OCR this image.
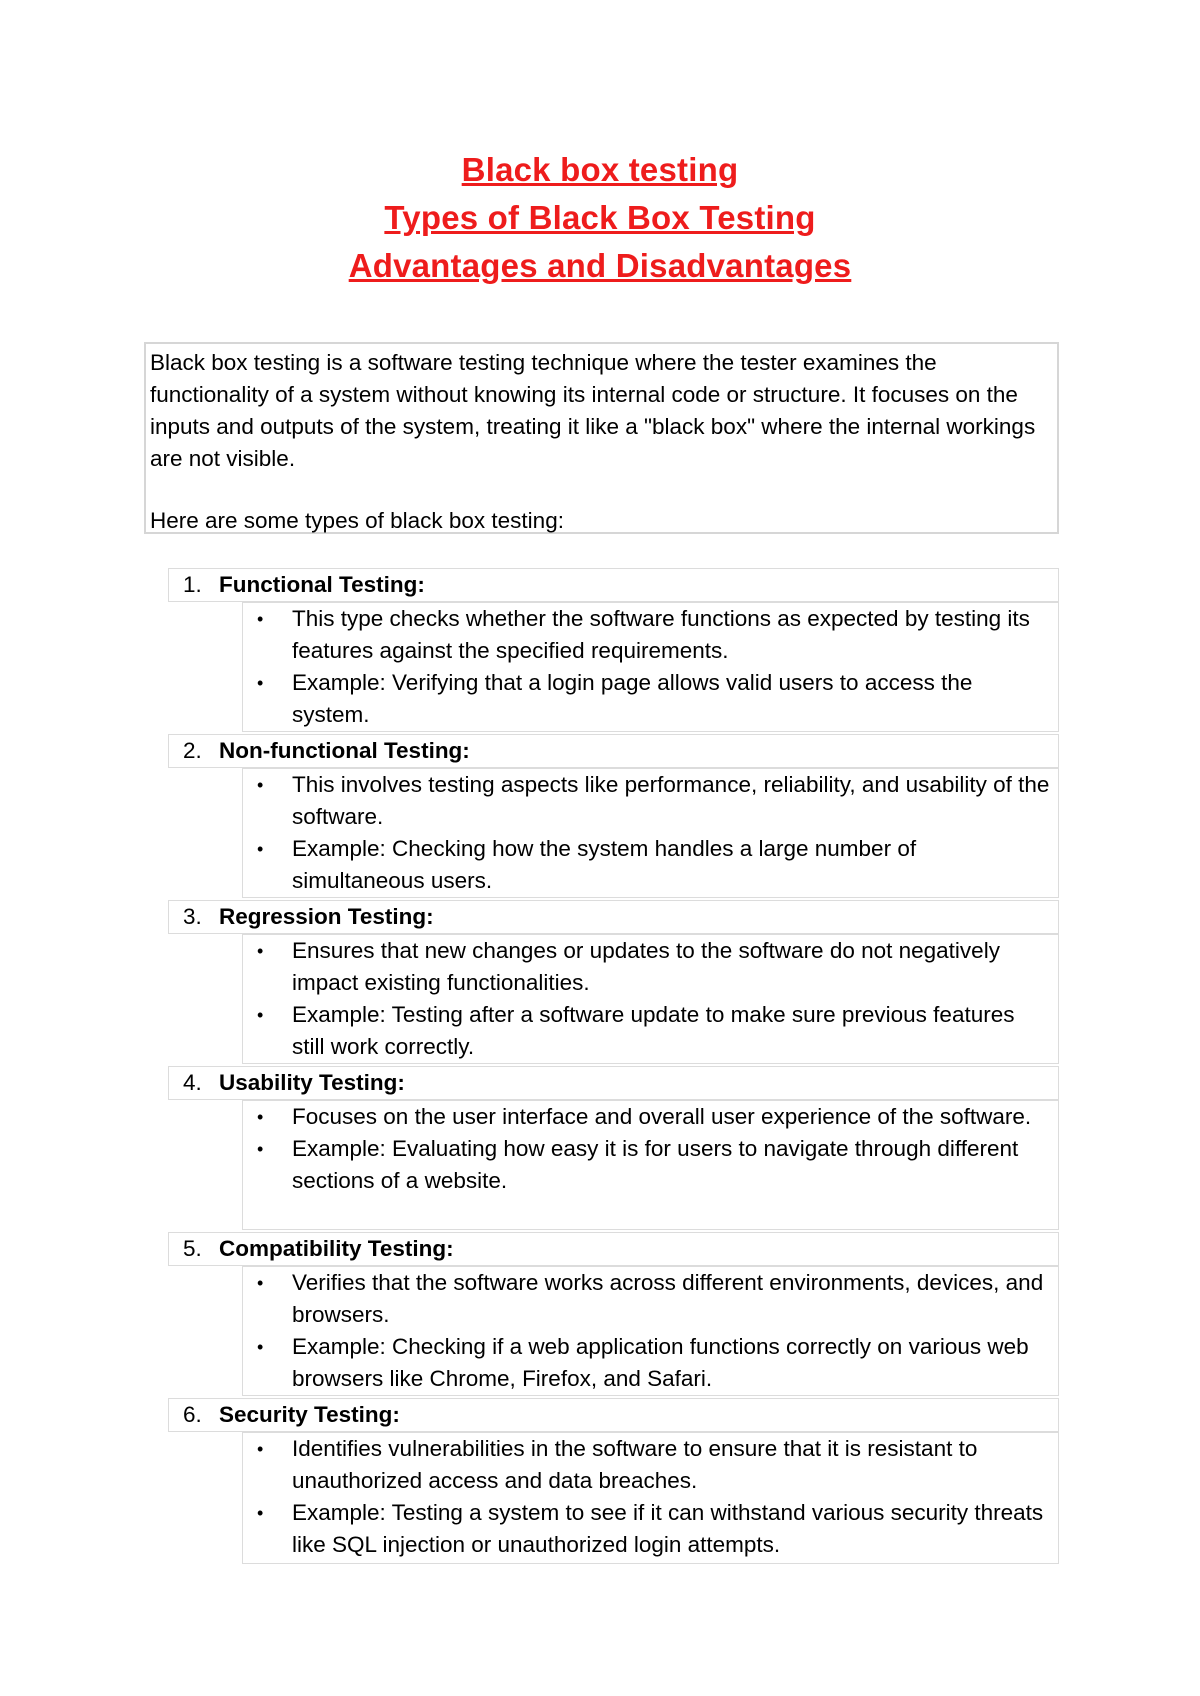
Black box testing
Types of Black Box Testing
Advantages and Disadvantages

Black box testing is a software testing technique where the tester examines the functionality of a system without knowing its internal code or structure. It focuses on the inputs and outputs of the system, treating it like a "black box" where the internal workings are not visible.

Here are some types of black box testing:

1. Functional Testing:
• This type checks whether the software functions as expected by testing its features against the specified requirements.
• Example: Verifying that a login page allows valid users to access the system.
2. Non-functional Testing:
• This involves testing aspects like performance, reliability, and usability of the software.
• Example: Checking how the system handles a large number of simultaneous users.
3. Regression Testing:
• Ensures that new changes or updates to the software do not negatively impact existing functionalities.
• Example: Testing after a software update to make sure previous features still work correctly.
4. Usability Testing:
• Focuses on the user interface and overall user experience of the software.
• Example: Evaluating how easy it is for users to navigate through different sections of a website.
5. Compatibility Testing:
• Verifies that the software works across different environments, devices, and browsers.
• Example: Checking if a web application functions correctly on various web browsers like Chrome, Firefox, and Safari.
6. Security Testing:
• Identifies vulnerabilities in the software to ensure that it is resistant to unauthorized access and data breaches.
• Example: Testing a system to see if it can withstand various security threats like SQL injection or unauthorized login attempts.
